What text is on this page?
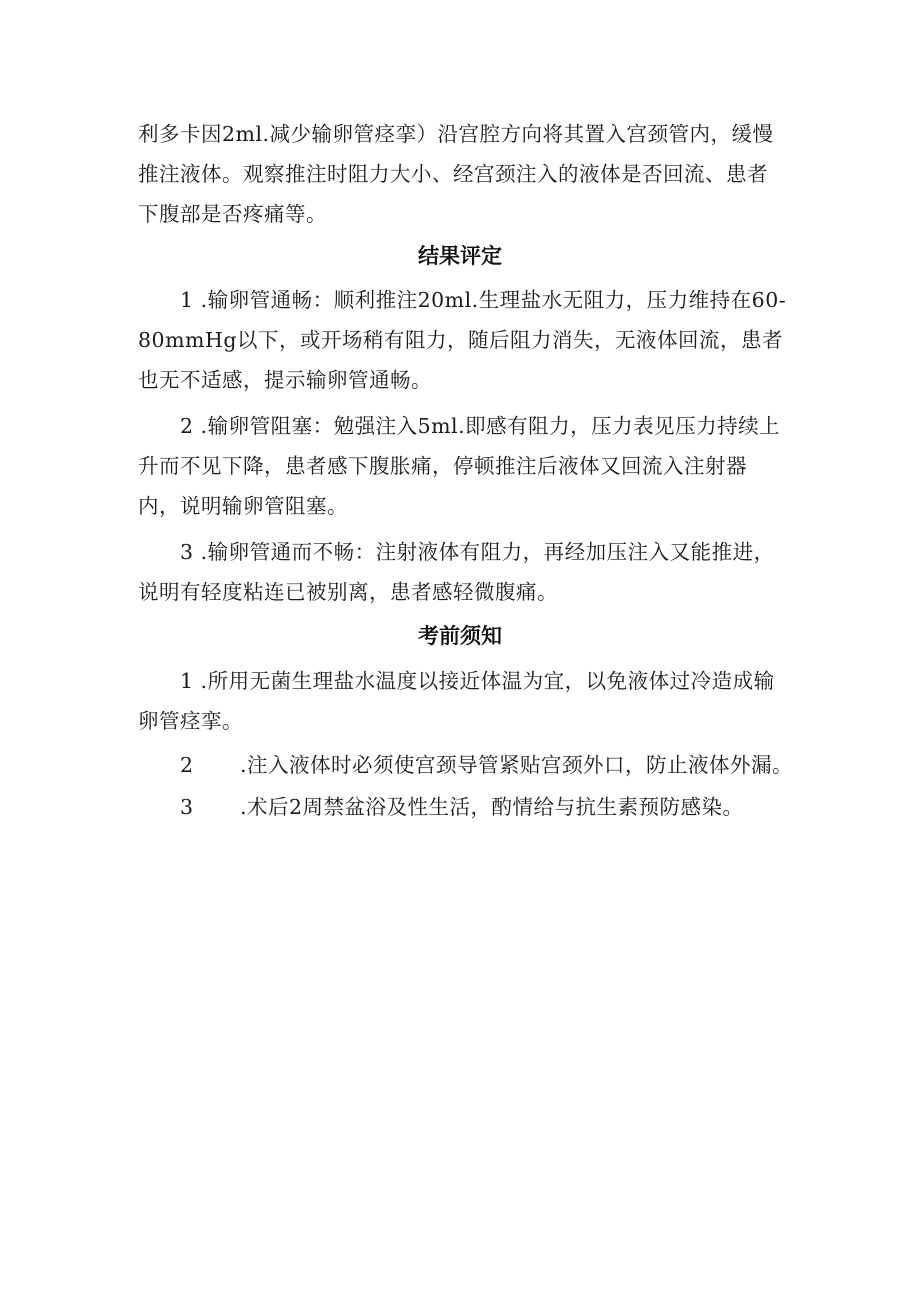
利多卡因2ml.减少输卵管痉挛）沿宫腔方向将其置入宫颈管内，缓慢推注液体。观察推注时阻力大小、经宫颈注入的液体是否回流、患者下腹部是否疼痛等。

结果评定

1 .输卵管通畅：顺利推注20ml.生理盐水无阻力，压力维持在60-80mmHg以下，或开场稍有阻力，随后阻力消失，无液体回流，患者也无不适感，提示输卵管通畅。

2 .输卵管阻塞：勉强注入5ml.即感有阻力，压力表见压力持续上升而不见下降，患者感下腹胀痛，停顿推注后液体又回流入注射器内，说明输卵管阻塞。

3 .输卵管通而不畅：注射液体有阻力，再经加压注入又能推进，说明有轻度粘连已被别离，患者感轻微腹痛。

考前须知

1 .所用无菌生理盐水温度以接近体温为宜，以免液体过冷造成输卵管痉挛。

2 .注入液体时必须使宫颈导管紧贴宫颈外口，防止液体外漏。
3 .术后2周禁盆浴及性生活，酌情给与抗生素预防感染。
